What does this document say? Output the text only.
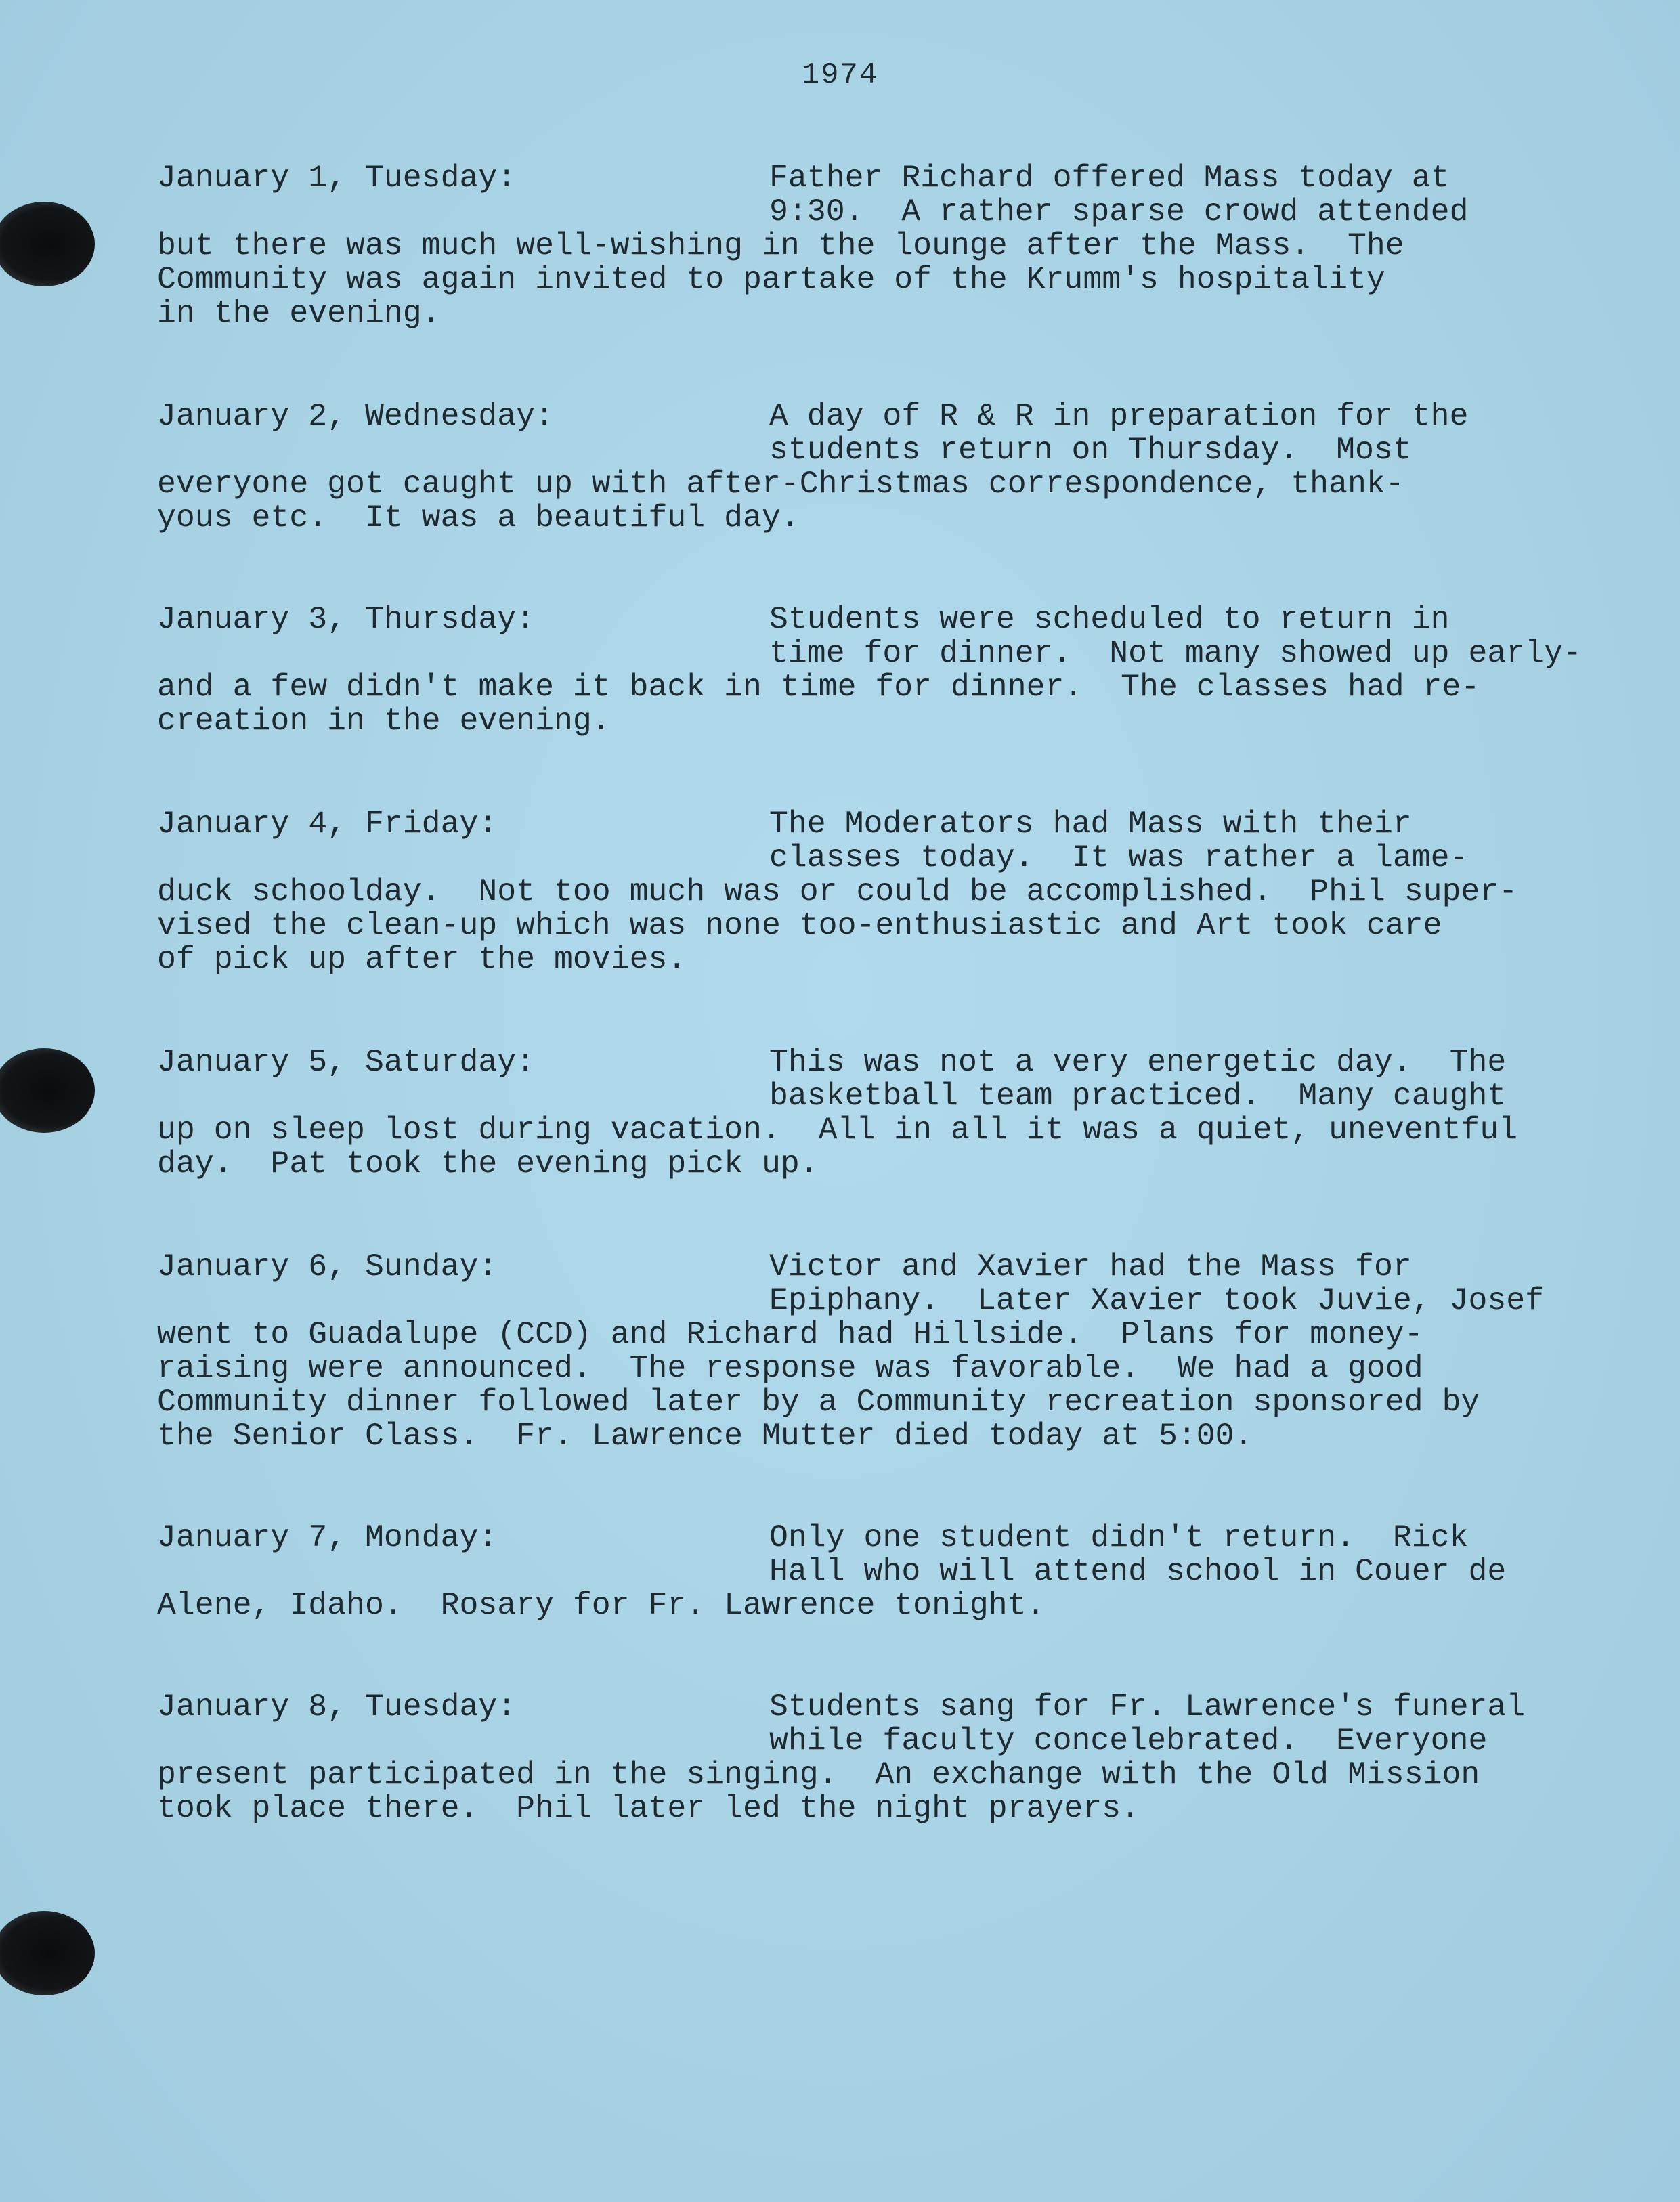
1974

January 1, Tuesday:

	Father Richard offered Mass today at

9:30.  A rather sparse crowd attended
but there was much well-wishing in the lounge after the Mass.  The
Community was again invited to partake of the Krumm's hospitality
in the evening.

January 2, Wednesday:

	A day of R & R in preparation for the

students return on Thursday.  Most
everyone got caught up with after-Christmas correspondence, thank-
yous etc.  It was a beautiful day.

January 3, Thursday:

	Students were scheduled to return in

time for dinner.  Not many showed up early-
and a few didn't make it back in time for dinner.  The classes had re-
creation in the evening.

January 4, Friday:

	The Moderators had Mass with their

classes today.  It was rather a lame-
duck schoolday.  Not too much was or could be accomplished.  Phil super-
vised the clean-up which was none too-enthusiastic and Art took care
of pick up after the movies.

January 5, Saturday:

	This was not a very energetic day.  The

basketball team practiced.  Many caught
up on sleep lost during vacation.  All in all it was a quiet, uneventful
day.  Pat took the evening pick up.

January 6, Sunday:

	Victor and Xavier had the Mass for

Epiphany.  Later Xavier took Juvie, Josef
went to Guadalupe (CCD) and Richard had Hillside.  Plans for money-
raising were announced.  The response was favorable.  We had a good
Community dinner followed later by a Community recreation sponsored by
the Senior Class.  Fr. Lawrence Mutter died today at 5:00.

January 7, Monday:

	Only one student didn't return.  Rick

Hall who will attend school in Couer de
Alene, Idaho.  Rosary for Fr. Lawrence tonight.

January 8, Tuesday:

	Students sang for Fr. Lawrence's funeral

while faculty concelebrated.  Everyone
present participated in the singing.  An exchange with the Old Mission
took place there.  Phil later led the night prayers.
